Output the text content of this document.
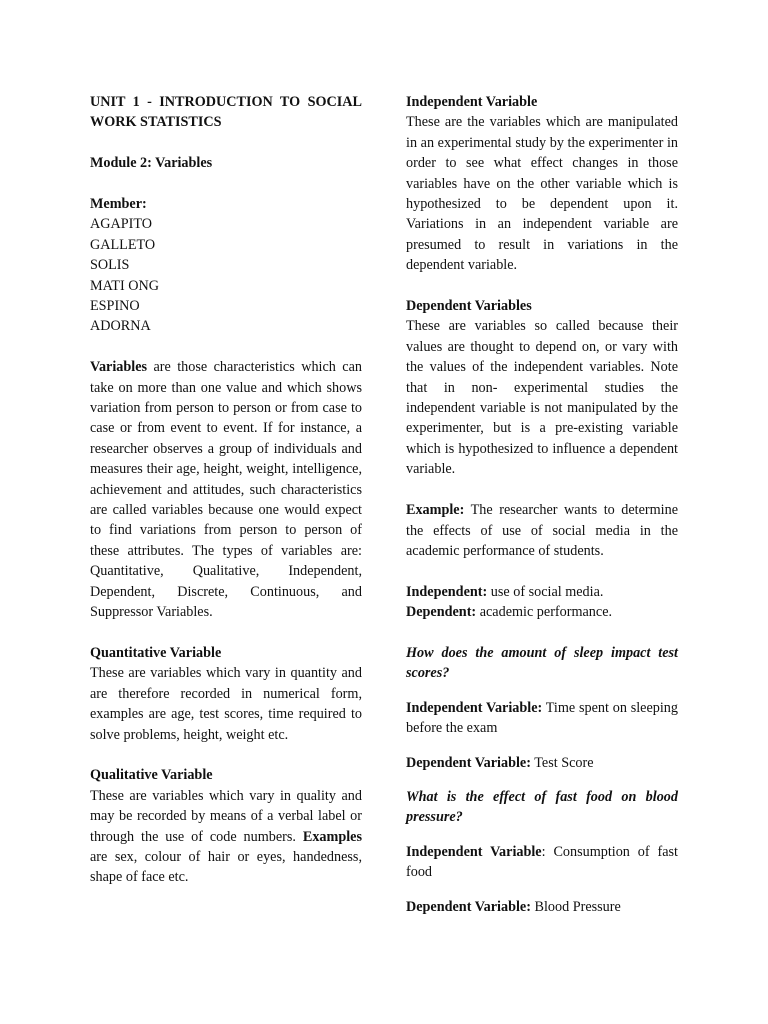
UNIT 1 - INTRODUCTION TO SOCIAL WORK STATISTICS

Module 2: Variables

Member:

AGAPITO

GALLETO

SOLIS

MATI ONG

ESPINO

ADORNA

Variables are those characteristics which can take on more than one value and which shows variation from person to person or from case to case or from event to event. If for instance, a researcher observes a group of individuals and measures their age, height, weight, intelligence, achievement and attitudes, such characteristics are called variables because one would expect to find variations from person to person of these attributes. The types of variables are: Quantitative, Qualitative, Independent, Dependent, Discrete, Continuous, and Suppressor Variables.

Quantitative Variable

These are variables which vary in quantity and are therefore recorded in numerical form, examples are age, test scores, time required to solve problems, height, weight etc.

Qualitative Variable

These are variables which vary in quality and may be recorded by means of a verbal label or through the use of code numbers. Examples are sex, colour of hair or eyes, handedness, shape of face etc.

Independent Variable

These are the variables which are manipulated in an experimental study by the experimenter in order to see what effect changes in those variables have on the other variable which is hypothesized to be dependent upon it. Variations in an independent variable are presumed to result in variations in the dependent variable.

Dependent Variables

These are variables so called because their values are thought to depend on, or vary with the values of the independent variables. Note that in non- experimental studies the independent variable is not manipulated by the experimenter, but is a pre-existing variable which is hypothesized to influence a dependent variable.

Example: The researcher wants to determine the effects of use of social media in the academic performance of students.

Independent: use of social media.

Dependent: academic performance.

How does the amount of sleep impact test scores?

Independent Variable: Time spent on sleeping before the exam

Dependent Variable: Test Score

What is the effect of fast food on blood pressure?

Independent Variable: Consumption of fast food

Dependent Variable: Blood Pressure
